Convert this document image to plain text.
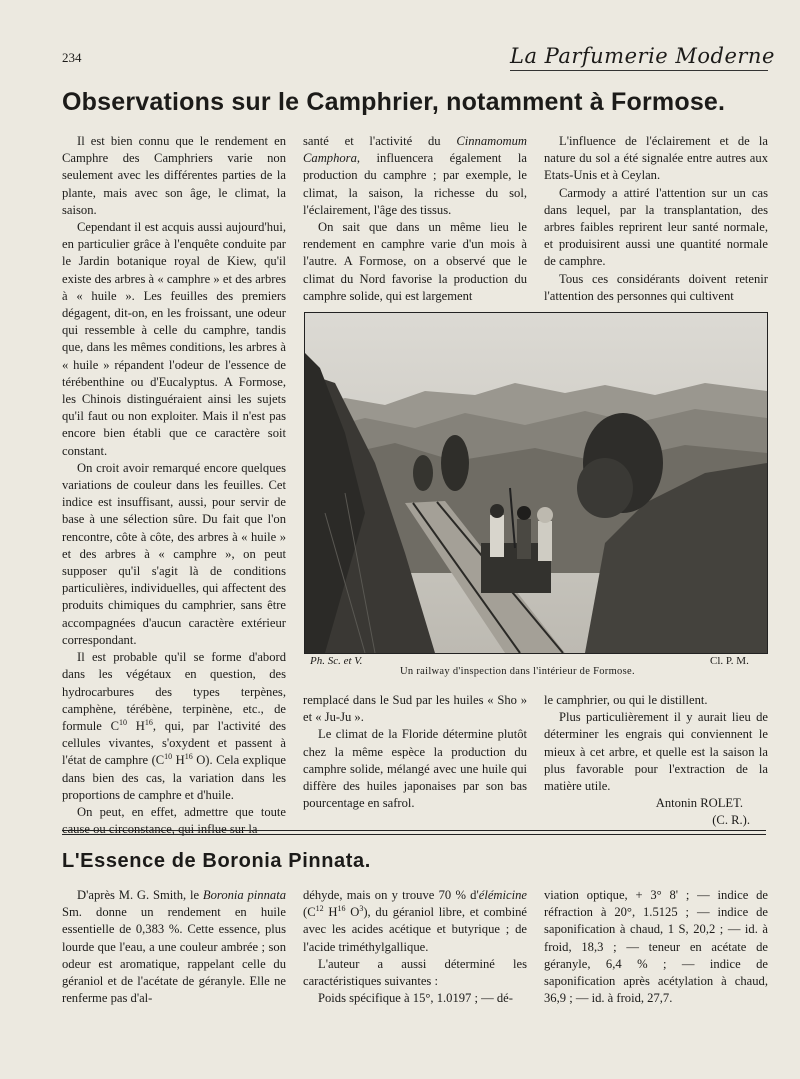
234	La Parfumerie Moderne
Observations sur le Camphrier, notamment à Formose.

Il est bien connu que le rendement en Camphre des Camphriers varie non seulement avec les différentes parties de la plante, mais avec son âge, le climat, la saison.

Cependant il est acquis aussi aujourd'hui, en particulier grâce à l'enquête conduite par le Jardin botanique royal de Kiew, qu'il existe des arbres à « camphre » et des arbres à « huile ». Les feuilles des premiers dégagent, dit-on, en les froissant, une odeur qui ressemble à celle du camphre, tandis que, dans les mêmes conditions, les arbres à « huile » répandent l'odeur de l'essence de térébenthine ou d'Eucalyptus. A Formose, les Chinois distinguéraient ainsi les sujets qu'il faut ou non exploiter. Mais il n'est pas encore bien établi que ce caractère soit constant.

On croit avoir remarqué encore quelques variations de couleur dans les feuilles. Cet indice est insuffisant, aussi, pour servir de base à une sélection sûre. Du fait que l'on rencontre, côte à côte, des arbres à « huile » et des arbres à « camphre », on peut supposer qu'il s'agit là de conditions particulières, individuelles, qui affectent des produits chimiques du camphrier, sans être accompagnées d'aucun caractère extérieur correspondant.

Il est probable qu'il se forme d'abord dans les végétaux en question, des hydrocarbures des types terpènes, camphène, térébène, terpinène, etc., de formule $C^{10}$ $H^{16}$, qui, par l'activité des cellules vivantes, s'oxydent et passent à l'état de camphre ($C^{10}$ $H^{16}$ O). Cela explique dans bien des cas, la variation dans les proportions de camphre et d'huile.

On peut, en effet, admettre que toute cause ou circonstance, qui influe sur la

santé et l'activité du Cinnamomum Camphora, influencera également la production du camphre ; par exemple, le climat, la saison, la richesse du sol, l'éclairement, l'âge des tissus.

On sait que dans un même lieu le rendement en camphre varie d'un mois à l'autre. A Formose, on a observé que le climat du Nord favorise la production du camphre solide, qui est largement

L'influence de l'éclairement et de la nature du sol a été signalée entre autres aux Etats-Unis et à Ceylan.

Carmody a attiré l'attention sur un cas dans lequel, par la transplantation, des arbres faibles reprirent leur santé normale, et produisirent aussi une quantité normale de camphre.

Tous ces considérants doivent retenir l'attention des personnes qui cultivent

Ph. Sc. et V.	Cl. P. M.
Un railway d'inspection dans l'intérieur de Formose.

remplacé dans le Sud par les huiles « Sho » et « Ju-Ju ».

Le climat de la Floride détermine plutôt chez la même espèce la production du camphre solide, mélangé avec une huile qui diffère des huiles japonaises par son bas pourcentage en safrol.

le camphrier, ou qui le distillent.

Plus particulièrement il y aurait lieu de déterminer les engrais qui conviennent le mieux à cet arbre, et quelle est la saison la plus favorable pour l'extraction de la matière utile.

Antonin ROLET.

(C. R.).

L'Essence de Boronia Pinnata.

D'après M. G. Smith, le Boronia pinnata Sm. donne un rendement en huile essentielle de 0,383 %. Cette essence, plus lourde que l'eau, a une couleur ambrée ; son odeur est aromatique, rappelant celle du géraniol et de l'acétate de géranyle. Elle ne renferme pas d'al-

déhyde, mais on y trouve 70 % d'élémicine ($C^{12}$ $H^{16}$ $O^3$), du géraniol libre, et combiné avec les acides acétique et butyrique ; de l'acide triméthylgallique.

L'auteur a aussi déterminé les caractéristiques suivantes :

Poids spécifique à 15°, 1.0197 ; — dé-

viation optique, + 3° 8' ; — indice de réfraction à 20°, 1.5125 ; — indice de saponification à chaud, 1 S, 20,2 ; — id. à froid, 18,3 ; — teneur en acétate de géranyle, 6,4 % ; — indice de saponification après acétylation à chaud, 36,9 ; — id. à froid, 27,7.
